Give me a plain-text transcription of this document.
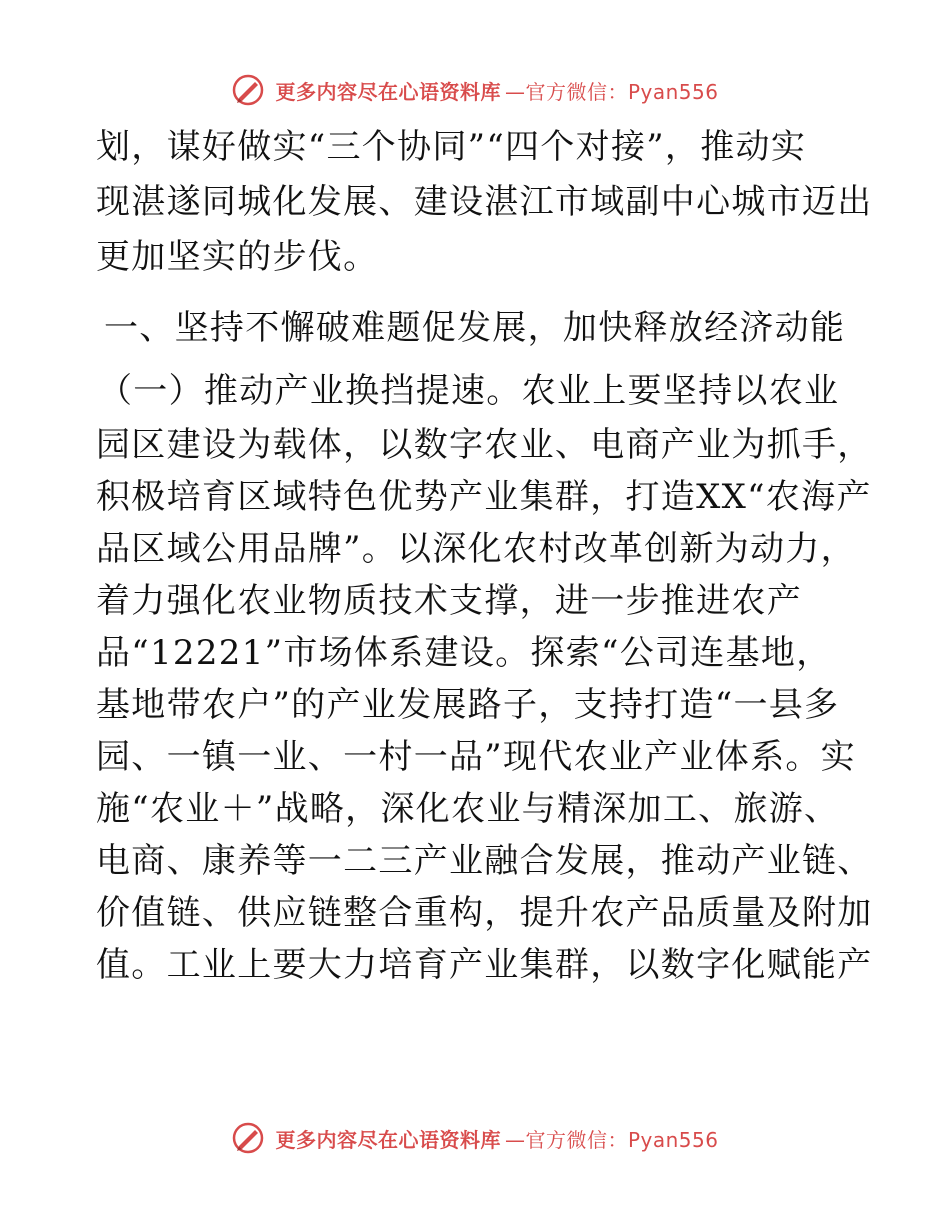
更多内容尽在心语资料库 —官方微信：Pyan556
划，谋好做实“三个协同”“四个对接”，推动实
现湛遂同城化发展、建设湛江市域副中心城市迈出
更加坚实的步伐。
一、坚持不懈破难题促发展，加快释放经济动能
（一）推动产业换挡提速。农业上要坚持以农业
园区建设为载体，以数字农业、电商产业为抓手，
积极培育区域特色优势产业集群，打造XX“农海产
品区域公用品牌”。以深化农村改革创新为动力，
着力强化农业物质技术支撑，进一步推进农产
品“12221”市场体系建设。探索“公司连基地，
基地带农户”的产业发展路子，支持打造“一县多
园、一镇一业、一村一品”现代农业产业体系。实
施“农业＋”战略，深化农业与精深加工、旅游、
电商、康养等一二三产业融合发展，推动产业链、
价值链、供应链整合重构，提升农产品质量及附加
值。工业上要大力培育产业集群，以数字化赋能产
更多内容尽在心语资料库 —官方微信：Pyan556
